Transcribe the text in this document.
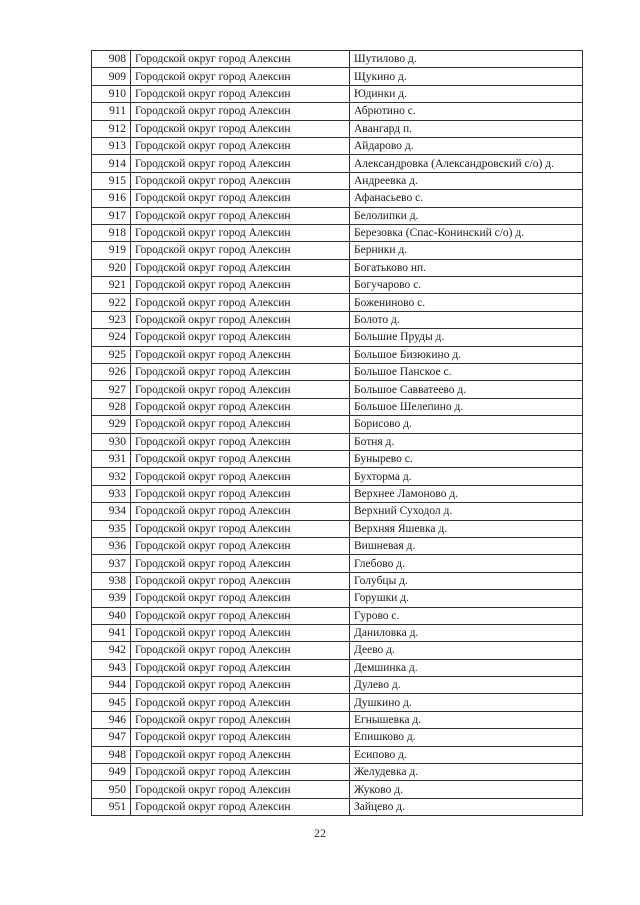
908	Городской округ город Алексин	Шутилово д.
909	Городской округ город Алексин	Щукино д.
910	Городской округ город Алексин	Юдинки д.
911	Городской округ город Алексин	Абрютино с.
912	Городской округ город Алексин	Авангард п.
913	Городской округ город Алексин	Айдарово д.
914	Городской округ город Алексин	Александровка (Александровский с/о) д.
915	Городской округ город Алексин	Андреевка д.
916	Городской округ город Алексин	Афанасьево с.
917	Городской округ город Алексин	Белолипки д.
918	Городской округ город Алексин	Березовка (Спас-Конинский с/о) д.
919	Городской округ город Алексин	Берники д.
920	Городской округ город Алексин	Богатьково нп.
921	Городской округ город Алексин	Богучарово с.
922	Городской округ город Алексин	Боженинoво с.
923	Городской округ город Алексин	Болото д.
924	Городской округ город Алексин	Большие Пруды д.
925	Городской округ город Алексин	Большое Бизюкино д.
926	Городской округ город Алексин	Большое Панское с.
927	Городской округ город Алексин	Большое Савватеево д.
928	Городской округ город Алексин	Большое Шелепино д.
929	Городской округ город Алексин	Борисово д.
930	Городской округ город Алексин	Ботня д.
931	Городской округ город Алексин	Бунырево с.
932	Городской округ город Алексин	Бухторма д.
933	Городской округ город Алексин	Верхнее Ламоново д.
934	Городской округ город Алексин	Верхний Суходол д.
935	Городской округ город Алексин	Верхняя Яшевка д.
936	Городской округ город Алексин	Вишневая д.
937	Городской округ город Алексин	Глебово д.
938	Городской округ город Алексин	Голубцы д.
939	Городской округ город Алексин	Горушки д.
940	Городской округ город Алексин	Гурово с.
941	Городской округ город Алексин	Даниловка д.
942	Городской округ город Алексин	Деево д.
943	Городской округ город Алексин	Демшинка д.
944	Городской округ город Алексин	Дулево д.
945	Городской округ город Алексин	Душкино д.
946	Городской округ город Алексин	Егнышевка д.
947	Городской округ город Алексин	Епишково д.
948	Городской округ город Алексин	Есипово д.
949	Городской округ город Алексин	Желудевка д.
950	Городской округ город Алексин	Жуково д.
951	Городской округ город Алексин	Зайцево д.
22
